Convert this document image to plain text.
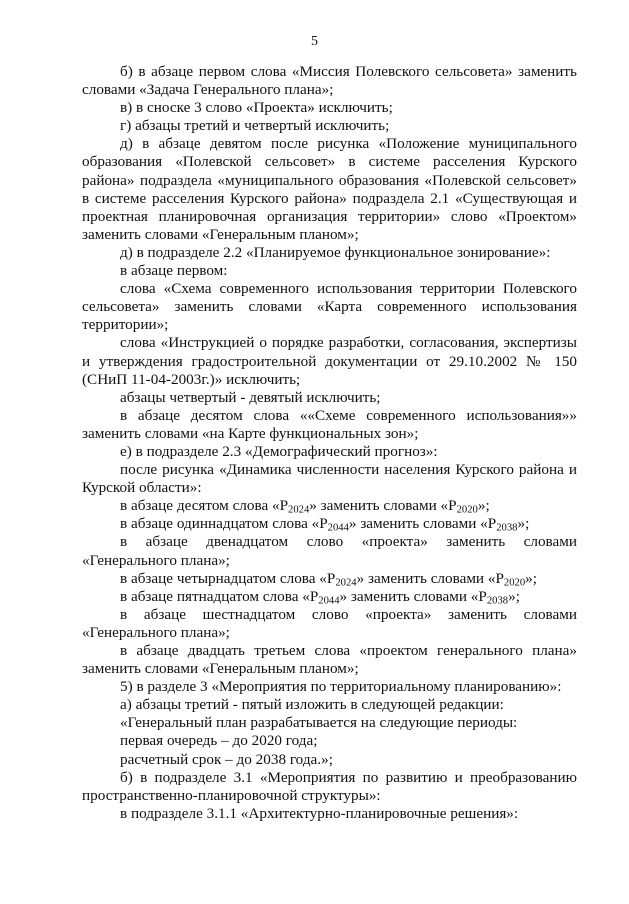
5
б) в абзаце первом слова «Миссия Полевского сельсовета» заменить
словами «Задача Генерального плана»;
в) в сноске 3 слово «Проекта» исключить;
г) абзацы третий и четвертый исключить;
д) в абзаце девятом после рисунка «Положение муниципального
образования «Полевской сельсовет» в системе расселения Курского
района» подраздела «муниципального образования «Полевской сельсовет»
в системе расселения Курского района» подраздела 2.1 «Существующая и
проектная планировочная организация территории» слово «Проектом»
заменить словами «Генеральным планом»;
д) в подразделе 2.2 «Планируемое функциональное зонирование»:
в абзаце первом:
слова «Схема современного использования территории Полевского
сельсовета» заменить словами «Карта современного использования
территории»;
слова «Инструкцией о порядке разработки, согласования, экспертизы
и утверждения градостроительной документации от 29.10.2002 № 150
(СНиП 11-04-2003г.)» исключить;
абзацы четвертый - девятый исключить;
в абзаце десятом слова ««Схеме современного использования»»
заменить словами «на Карте функциональных зон»;
е) в подразделе 2.3 «Демографический прогноз»:
после рисунка «Динамика численности населения Курского района и
Курской области»:
в абзаце десятом слова «$Р_{2024}$» заменить словами «$Р_{2020}$»;
в абзаце одиннадцатом слова «$Р_{2044}$» заменить словами «$Р_{2038}$»;
в абзаце двенадцатом слово «проекта» заменить словами
«Генерального плана»;
в абзаце четырнадцатом слова «$Р_{2024}$» заменить словами «$Р_{2020}$»;
в абзаце пятнадцатом слова «$Р_{2044}$» заменить словами «$Р_{2038}$»;
в абзаце шестнадцатом слово «проекта» заменить словами
«Генерального плана»;
в абзаце двадцать третьем слова «проектом генерального плана»
заменить словами «Генеральным планом»;
5) в разделе 3 «Мероприятия по территориальному планированию»:
а) абзацы третий - пятый изложить в следующей редакции:
«Генеральный план разрабатывается на следующие периоды:
первая очередь – до 2020 года;
расчетный срок – до 2038 года.»;
б) в подразделе 3.1 «Мероприятия по развитию и преобразованию
пространственно-планировочной структуры»:
в подразделе 3.1.1 «Архитектурно-планировочные решения»:
